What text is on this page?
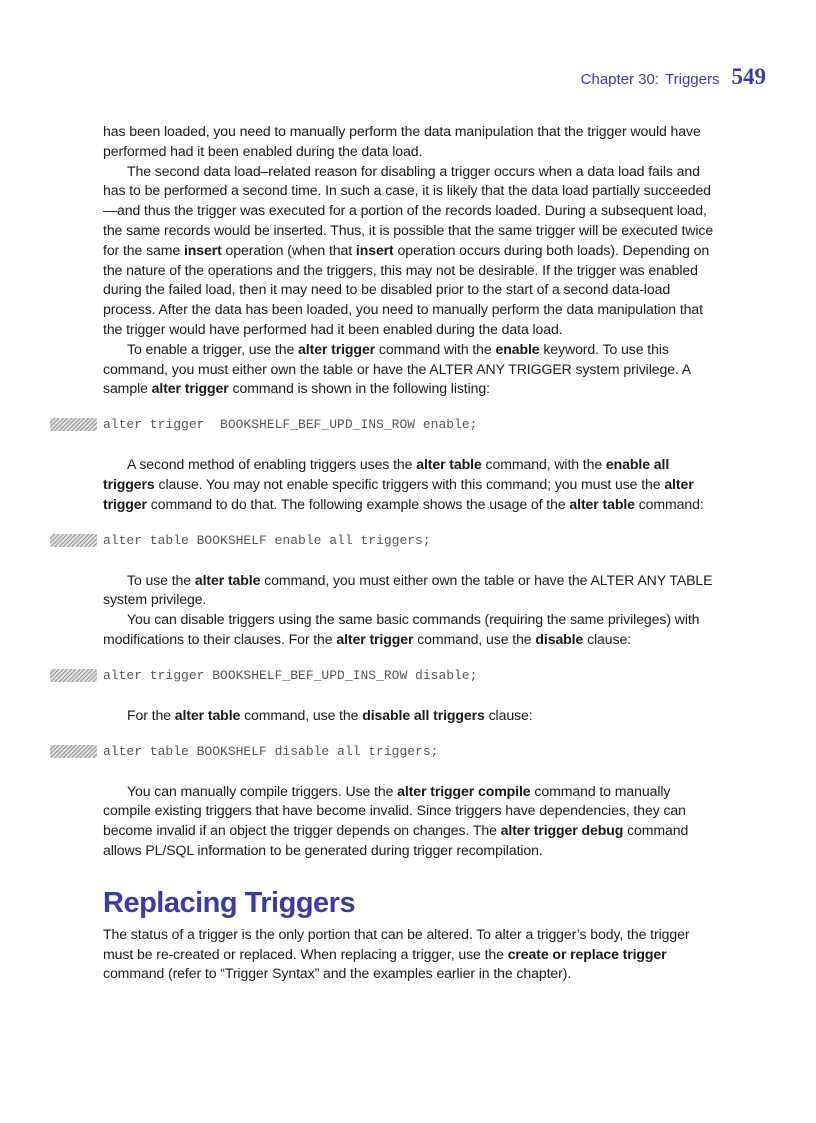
Chapter 30: Triggers 549

has been loaded, you need to manually perform the data manipulation that the trigger would have performed had it been enabled during the data load.

The second data load–related reason for disabling a trigger occurs when a data load fails and has to be performed a second time. In such a case, it is likely that the data load partially succeeded—and thus the trigger was executed for a portion of the records loaded. During a subsequent load, the same records would be inserted. Thus, it is possible that the same trigger will be executed twice for the same insert operation (when that insert operation occurs during both loads). Depending on the nature of the operations and the triggers, this may not be desirable. If the trigger was enabled during the failed load, then it may need to be disabled prior to the start of a second data-load process. After the data has been loaded, you need to manually perform the data manipulation that the trigger would have performed had it been enabled during the data load.

To enable a trigger, use the alter trigger command with the enable keyword. To use this command, you must either own the table or have the ALTER ANY TRIGGER system privilege. A sample alter trigger command is shown in the following listing:

alter trigger  BOOKSHELF_BEF_UPD_INS_ROW enable;

A second method of enabling triggers uses the alter table command, with the enable all triggers clause. You may not enable specific triggers with this command; you must use the alter trigger command to do that. The following example shows the usage of the alter table command:

alter table BOOKSHELF enable all triggers;

To use the alter table command, you must either own the table or have the ALTER ANY TABLE system privilege.

You can disable triggers using the same basic commands (requiring the same privileges) with modifications to their clauses. For the alter trigger command, use the disable clause:

alter trigger BOOKSHELF_BEF_UPD_INS_ROW disable;

For the alter table command, use the disable all triggers clause:

alter table BOOKSHELF disable all triggers;

You can manually compile triggers. Use the alter trigger compile command to manually compile existing triggers that have become invalid. Since triggers have dependencies, they can become invalid if an object the trigger depends on changes. The alter trigger debug command allows PL/SQL information to be generated during trigger recompilation.

Replacing Triggers

The status of a trigger is the only portion that can be altered. To alter a trigger’s body, the trigger must be re-created or replaced. When replacing a trigger, use the create or replace trigger command (refer to “Trigger Syntax” and the examples earlier in the chapter).
